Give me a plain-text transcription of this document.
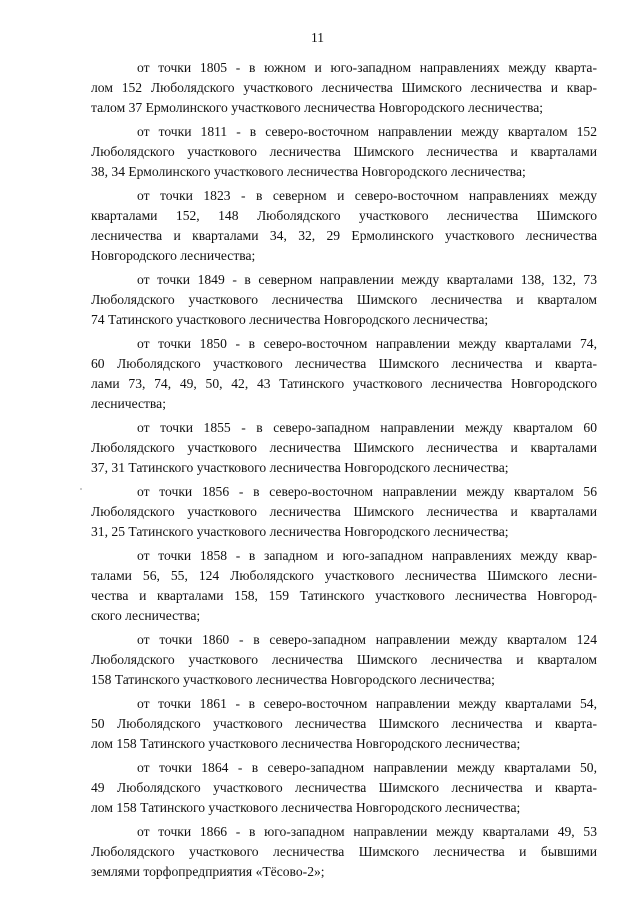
11
от точки 1805 - в южном и юго-западном направлениях между кварта-
лом 152 Люболядского участкового лесничества Шимского лесничества и квар-
талом 37 Ермолинского участкового лесничества Новгородского лесничества;
от точки 1811 - в северо-восточном направлении между кварталом 152
Люболядского участкового лесничества Шимского лесничества и кварталами
38, 34 Ермолинского участкового лесничества Новгородского лесничества;
от точки 1823 - в северном и северо-восточном направлениях между
кварталами 152, 148 Люболядского участкового лесничества Шимского
лесничества и кварталами 34, 32, 29 Ермолинского участкового лесничества
Новгородского лесничества;
от точки 1849 - в северном направлении между кварталами 138, 132, 73
Люболядского участкового лесничества Шимского лесничества и кварталом
74 Татинского участкового лесничества Новгородского лесничества;
от точки 1850 - в северо-восточном направлении между кварталами 74,
60 Люболядского участкового лесничества Шимского лесничества и кварта-
лами 73, 74, 49, 50, 42, 43 Татинского участкового лесничества Новгородского
лесничества;
от точки 1855 - в северо-западном направлении между кварталом 60
Люболядского участкового лесничества Шимского лесничества и кварталами
37, 31 Татинского участкового лесничества Новгородского лесничества;
от точки 1856 - в северо-восточном направлении между кварталом 56
Люболядского участкового лесничества Шимского лесничества и кварталами
31, 25 Татинского участкового лесничества Новгородского лесничества;
от точки 1858 - в западном и юго-западном направлениях между квар-
талами 56, 55, 124 Люболядского участкового лесничества Шимского лесни-
чества и кварталами 158, 159 Татинского участкового лесничества Новгород-
ского лесничества;
от точки 1860 - в северо-западном направлении между кварталом 124
Люболядского участкового лесничества Шимского лесничества и кварталом
158 Татинского участкового лесничества Новгородского лесничества;
от точки 1861 - в северо-восточном направлении между кварталами 54,
50 Люболядского участкового лесничества Шимского лесничества и кварта-
лом 158 Татинского участкового лесничества Новгородского лесничества;
от точки 1864 - в северо-западном направлении между кварталами 50,
49 Люболядского участкового лесничества Шимского лесничества и кварта-
лом 158 Татинского участкового лесничества Новгородского лесничества;
от точки 1866 - в юго-западном направлении между кварталами 49, 53
Люболядского участкового лесничества Шимского лесничества и бывшими
землями торфопредприятия «Тёсово-2»;
